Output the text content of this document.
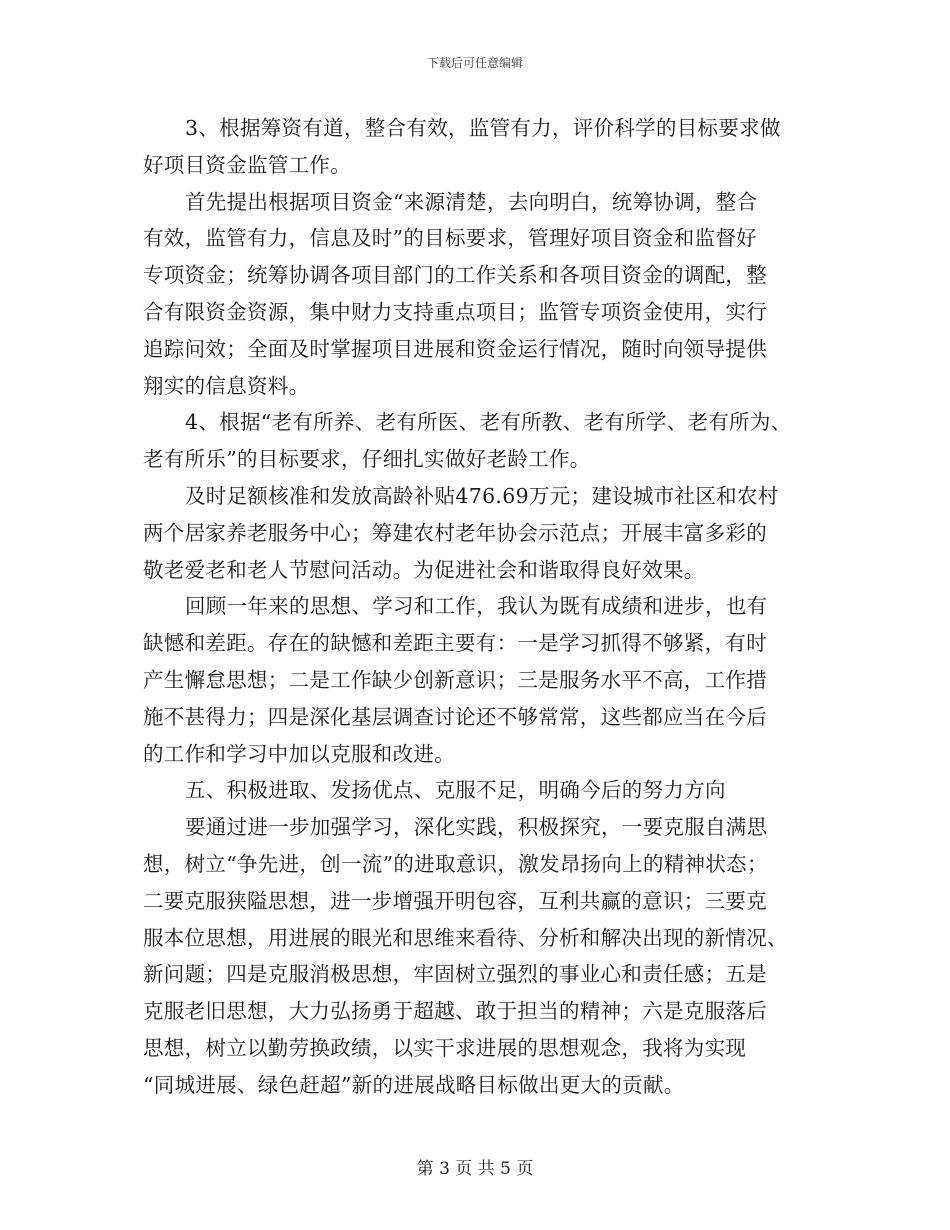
下载后可任意编辑
3、根据筹资有道，整合有效，监管有力，评价科学的目标要求做
好项目资金监管工作。
首先提出根据项目资金“来源清楚，去向明白，统筹协调，整合
有效，监管有力，信息及时”的目标要求，管理好项目资金和监督好
专项资金；统筹协调各项目部门的工作关系和各项目资金的调配，整
合有限资金资源，集中财力支持重点项目；监管专项资金使用，实行
追踪问效；全面及时掌握项目进展和资金运行情况，随时向领导提供
翔实的信息资料。
4、根据“老有所养、老有所医、老有所教、老有所学、老有所为、
老有所乐”的目标要求，仔细扎实做好老龄工作。
及时足额核准和发放高龄补贴476.69万元；建设城市社区和农村
两个居家养老服务中心；筹建农村老年协会示范点；开展丰富多彩的
敬老爱老和老人节慰问活动。为促进社会和谐取得良好效果。
回顾一年来的思想、学习和工作，我认为既有成绩和进步，也有
缺憾和差距。存在的缺憾和差距主要有：一是学习抓得不够紧，有时
产生懈怠思想；二是工作缺少创新意识；三是服务水平不高，工作措
施不甚得力；四是深化基层调查讨论还不够常常，这些都应当在今后
的工作和学习中加以克服和改进。
五、积极进取、发扬优点、克服不足，明确今后的努力方向
要通过进一步加强学习，深化实践，积极探究，一要克服自满思
想，树立“争先进，创一流”的进取意识，激发昂扬向上的精神状态；
二要克服狭隘思想，进一步增强开明包容，互利共赢的意识；三要克
服本位思想，用进展的眼光和思维来看待、分析和解决出现的新情况、
新问题；四是克服消极思想，牢固树立强烈的事业心和责任感；五是
克服老旧思想，大力弘扬勇于超越、敢于担当的精神；六是克服落后
思想，树立以勤劳换政绩，以实干求进展的思想观念，我将为实现
“同城进展、绿色赶超”新的进展战略目标做出更大的贡献。
第 3 页 共 5 页
